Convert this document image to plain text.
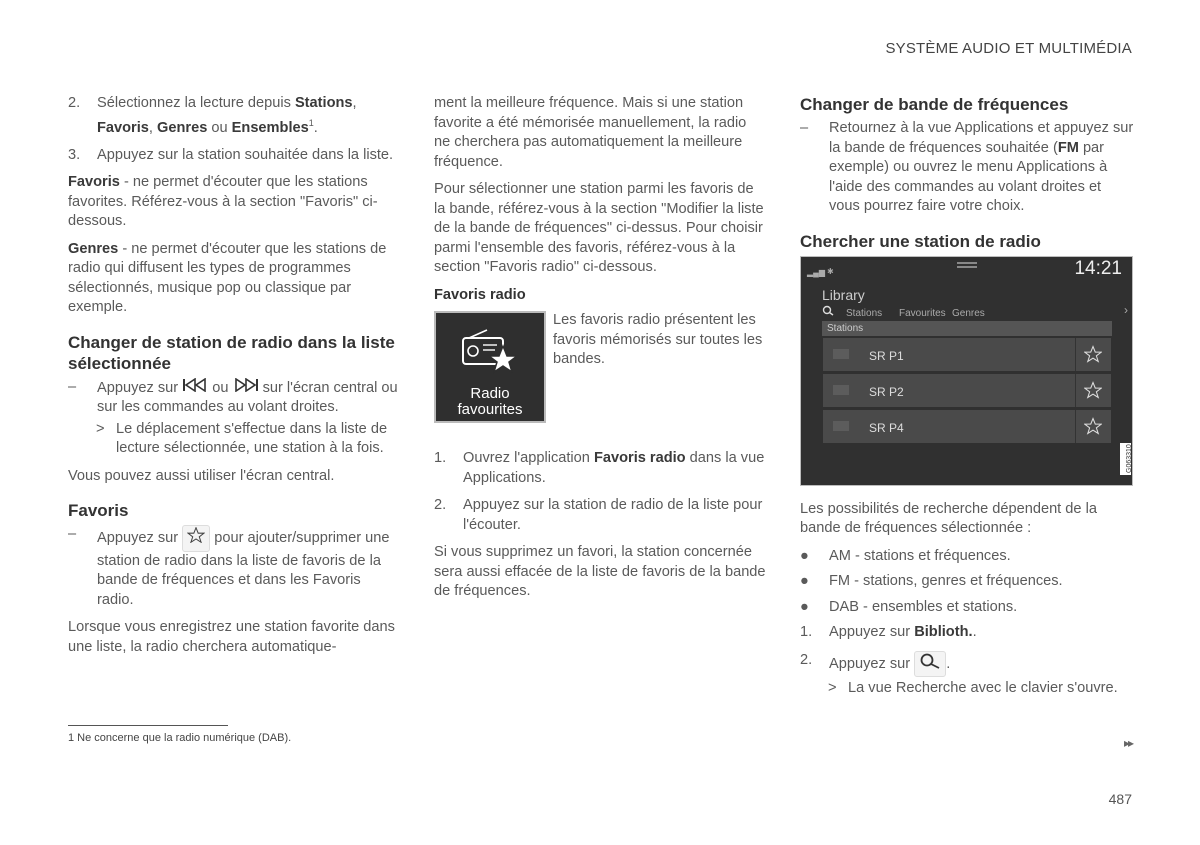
SYSTÈME AUDIO ET MULTIMÉDIA
2. Sélectionnez la lecture depuis Stations, Favoris, Genres ou Ensembles$^1$.
3. Appuyez sur la station souhaitée dans la liste.

Favoris - ne permet d'écouter que les stations favorites. Référez-vous à la section "Favoris" ci-dessous.

Genres - ne permet d'écouter que les stations de radio qui diffusent les types de programmes sélectionnés, musique pop ou classique par exemple.

Changer de station de radio dans la liste sélectionnée
– Appuyez sur  ou  sur l'écran central ou sur les commandes au volant droites.
> Le déplacement s'effectue dans la liste de lecture sélectionnée, une station à la fois.

Vous pouvez aussi utiliser l'écran central.

Favoris
– Appuyez sur  pour ajouter/supprimer une station de radio dans la liste de favoris de la bande de fréquences et dans les Favoris radio.

Lorsque vous enregistrez une station favorite dans une liste, la radio cherchera automatique-

ment la meilleure fréquence. Mais si une station favorite a été mémorisée manuellement, la radio ne cherchera pas automatiquement la meilleure fréquence.

Pour sélectionner une station parmi les favoris de la bande, référez-vous à la section "Modifier la liste de la bande de fréquences" ci-dessus. Pour choisir parmi l'ensemble des favoris, référez-vous à la section "Favoris radio" ci-dessous.

Favoris radio
Radio
favourites
Les favoris radio présentent les favoris mémorisés sur toutes les bandes.
1. Ouvrez l'application Favoris radio dans la vue Applications.
2. Appuyez sur la station de radio de la liste pour l'écouter.

Si vous supprimez un favori, la station concernée sera aussi effacée de la liste de favoris de la bande de fréquences.

Changer de bande de fréquences
– Retournez à la vue Applications et appuyez sur la bande de fréquences souhaitée (FM par exemple) ou ouvrez le menu Applications à l'aide des commandes au volant droites et vous pourrez faire votre choix.
Chercher une station de radio
▂▄▆ ✱	14:21
Library
Stations Favourites Genres	›
Stations
SR P1
SR P2
SR P4
G063310

Les possibilités de recherche dépendent de la bande de fréquences sélectionnée :

● AM - stations et fréquences.
● FM - stations, genres et fréquences.
● DAB - ensembles et stations.
1. Appuyez sur Biblioth..
2. Appuyez sur .
> La vue Recherche avec le clavier s'ouvre.
1 Ne concerne que la radio numérique (DAB).	▸▸
487
